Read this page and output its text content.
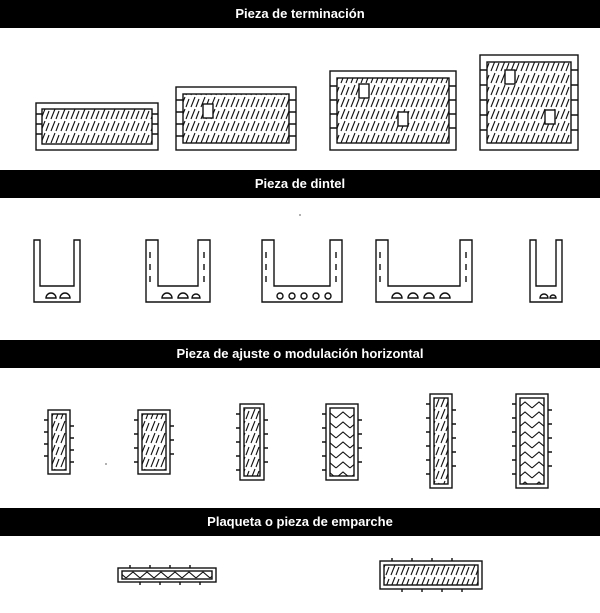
Pieza de terminación
Pieza de dintel
Pieza de ajuste o modulación horizontal
Plaqueta o pieza de emparche
